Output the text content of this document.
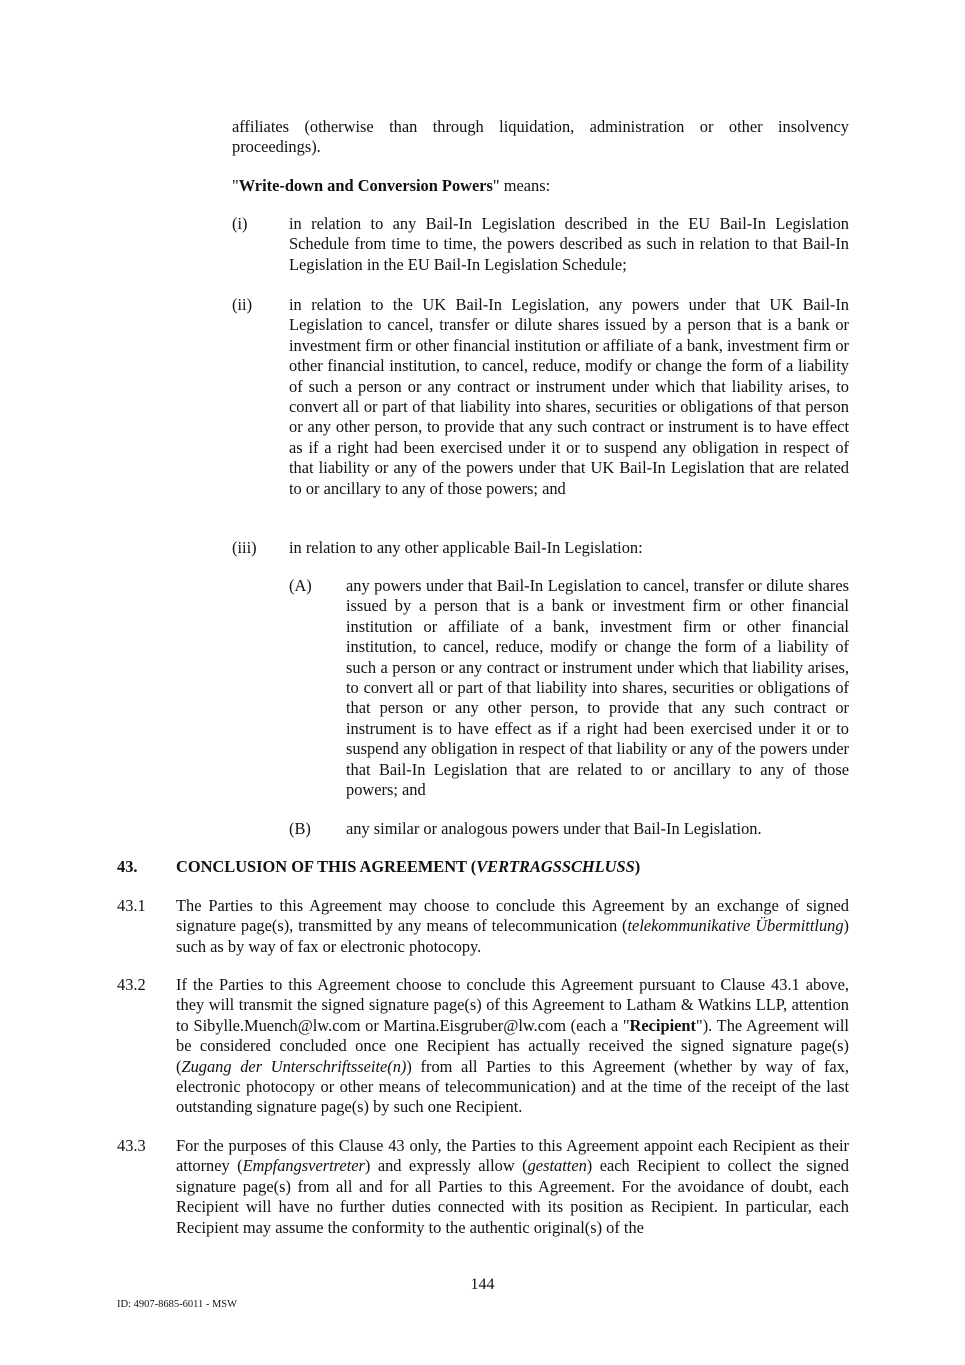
affiliates (otherwise than through liquidation, administration or other insolvency proceedings).

"Write-down and Conversion Powers" means:

(i)	in relation to any Bail-In Legislation described in the EU Bail-In Legislation Schedule from time to time, the powers described as such in relation to that Bail-In Legislation in the EU Bail-In Legislation Schedule;

(ii) in relation to the UK Bail-In Legislation, any powers under that UK Bail-In Legislation to cancel, transfer or dilute shares issued by a person that is a bank or investment firm or other financial institution or affiliate of a bank, investment firm or other financial institution, to cancel, reduce, modify or change the form of a liability of such a person or any contract or instrument under which that liability arises, to convert all or part of that liability into shares, securities or obligations of that person or any other person, to provide that any such contract or instrument is to have effect as if a right had been exercised under it or to suspend any obligation in respect of that liability or any of the powers under that UK Bail-In Legislation that are related to or ancillary to any of those powers; and

(iii) in relation to any other applicable Bail-In Legislation:

(A) any powers under that Bail-In Legislation to cancel, transfer or dilute shares issued by a person that is a bank or investment firm or other financial institution or affiliate of a bank, investment firm or other financial institution, to cancel, reduce, modify or change the form of a liability of such a person or any contract or instrument under which that liability arises, to convert all or part of that liability into shares, securities or obligations of that person or any other person, to provide that any such contract or instrument is to have effect as if a right had been exercised under it or to suspend any obligation in respect of that liability or any of the powers under that Bail-In Legislation that are related to or ancillary to any of those powers; and

(B) any similar or analogous powers under that Bail-In Legislation.

43. CONCLUSION OF THIS AGREEMENT (VERTRAGSSCHLUSS)

43.1 The Parties to this Agreement may choose to conclude this Agreement by an exchange of signed signature page(s), transmitted by any means of telecommunication (telekommunikative Übermittlung) such as by way of fax or electronic photocopy.

43.2 If the Parties to this Agreement choose to conclude this Agreement pursuant to Clause 43.1 above, they will transmit the signed signature page(s) of this Agreement to Latham & Watkins LLP, attention to Sibylle.Muench@lw.com or Martina.Eisgruber@lw.com (each a "Recipient"). The Agreement will be considered concluded once one Recipient has actually received the signed signature page(s) (Zugang der Unterschriftsseite(n)) from all Parties to this Agreement (whether by way of fax, electronic photocopy or other means of telecommunication) and at the time of the receipt of the last outstanding signature page(s) by such one Recipient.

43.3 For the purposes of this Clause 43 only, the Parties to this Agreement appoint each Recipient as their attorney (Empfangsvertreter) and expressly allow (gestatten) each Recipient to collect the signed signature page(s) from all and for all Parties to this Agreement. For the avoidance of doubt, each Recipient will have no further duties connected with its position as Recipient. In particular, each Recipient may assume the conformity to the authentic original(s) of the

144
ID: 4907-8685-6011 - MSW
